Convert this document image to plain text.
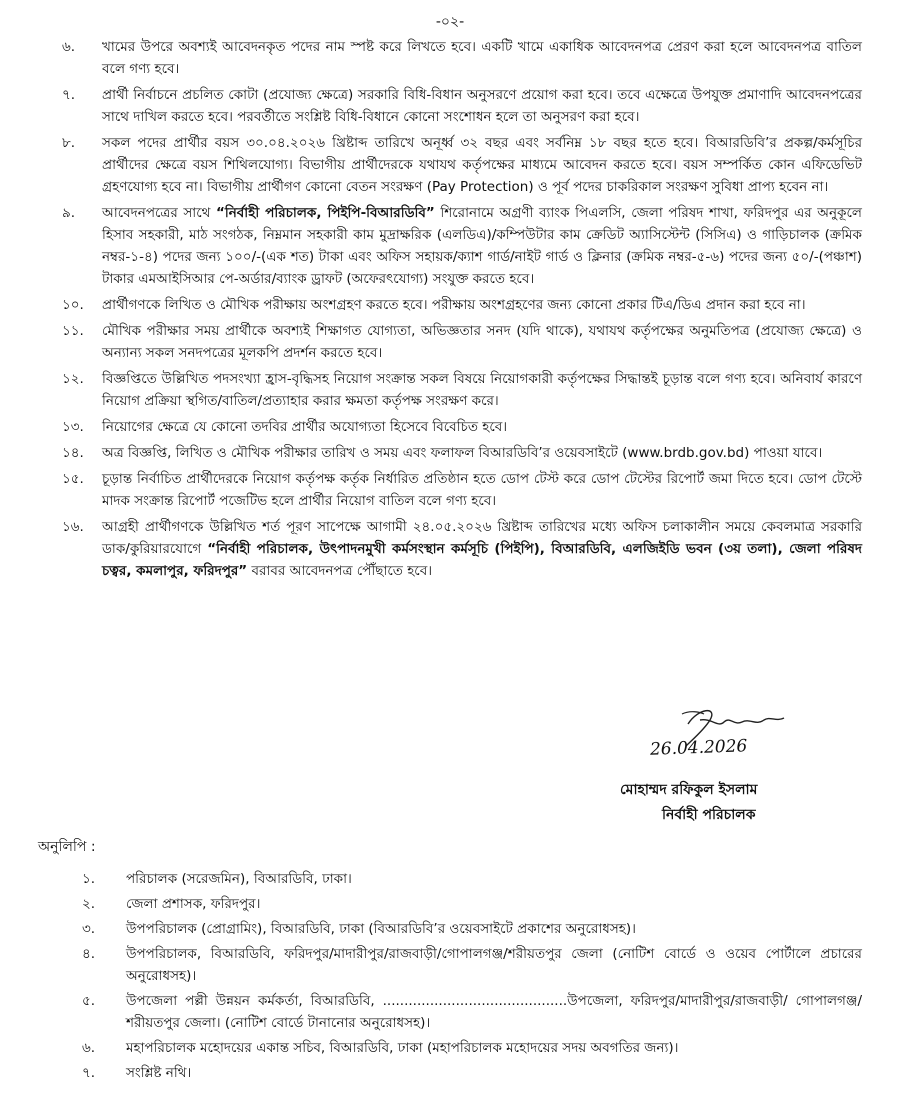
-০২-
৬.	খামের উপরে অবশ্যই আবেদনকৃত পদের নাম স্পষ্ট করে লিখতে হবে। একটি খামে একাধিক আবেদনপত্র প্রেরণ করা হলে আবেদনপত্র বাতিল বলে গণ্য হবে।
৭.	প্রার্থী নির্বাচনে প্রচলিত কোটা (প্রযোজ্য ক্ষেত্রে) সরকারি বিধি-বিধান অনুসরণে প্রয়োগ করা হবে। তবে এক্ষেত্রে উপযুক্ত প্রমাণাদি আবেদনপত্রের সাথে দাখিল করতে হবে। পরবর্তীতে সংশ্লিষ্ট বিধি-বিধানে কোনো সংশোধন হলে তা অনুসরণ করা হবে।
৮.	সকল পদের প্রার্থীর বয়স ৩০.০৪.২০২৬ খ্রিষ্টাব্দ তারিখে অনূর্ধ্ব ৩২ বছর এবং সর্বনিম্ন ১৮ বছর হতে হবে। বিআরডিবি’র প্রকল্প/কর্মসূচির প্রার্থীদের ক্ষেত্রে বয়স শিথিলযোগ্য। বিভাগীয় প্রার্থীদেরকে যথাযথ কর্তৃপক্ষের মাধ্যমে আবেদন করতে হবে। বয়স সম্পর্কিত কোন এফিডেভিট গ্রহণযোগ্য হবে না। বিভাগীয় প্রার্থীগণ কোনো বেতন সংরক্ষণ (Pay Protection) ও পূর্ব পদের চাকরিকাল সংরক্ষণ সুবিধা প্রাপ্য হবেন না।
৯.	আবেদনপত্রের সাথে “নির্বাহী পরিচালক, পিইপি-বিআরডিবি” শিরোনামে অগ্রণী ব্যাংক পিএলসি, জেলা পরিষদ শাখা, ফরিদপুর এর অনুকূলে হিসাব সহকারী, মাঠ সংগঠক, নিম্নমান সহকারী কাম মুদ্রাক্ষরিক (এলডিএ)/কম্পিউটার কাম ক্রেডিট অ্যাসিস্টেন্ট (সিসিএ) ও গাড়িচালক (ক্রমিক নম্বর-১-৪) পদের জন্য ১০০/-(এক শত) টাকা এবং অফিস সহায়ক/ক্যাশ গার্ড/নাইট গার্ড ও ক্লিনার (ক্রমিক নম্বর-৫-৬) পদের জন্য ৫০/-(পঞ্চাশ) টাকার এমআইসিআর পে-অর্ডার/ব্যাংক ড্রাফট (অফেরৎযোগ্য) সংযুক্ত করতে হবে।
১০.	প্রার্থীগণকে লিখিত ও মৌখিক পরীক্ষায় অংশগ্রহণ করতে হবে। পরীক্ষায় অংশগ্রহণের জন্য কোনো প্রকার টিএ/ডিএ প্রদান করা হবে না।
১১.	মৌখিক পরীক্ষার সময় প্রার্থীকে অবশ্যই শিক্ষাগত যোগ্যতা, অভিজ্ঞতার সনদ (যদি থাকে), যথাযথ কর্তৃপক্ষের অনুমতিপত্র (প্রযোজ্য ক্ষেত্রে) ও অন্যান্য সকল সনদপত্রের মূলকপি প্রদর্শন করতে হবে।
১২.	বিজ্ঞপ্তিতে উল্লিখিত পদসংখ্যা হ্রাস-বৃদ্ধিসহ নিয়োগ সংক্রান্ত সকল বিষয়ে নিয়োগকারী কর্তৃপক্ষের সিদ্ধান্তই চূড়ান্ত বলে গণ্য হবে। অনিবার্য কারণে নিয়োগ প্রক্রিয়া স্থগিত/বাতিল/প্রত্যাহার করার ক্ষমতা কর্তৃপক্ষ সংরক্ষণ করে।
১৩.	নিয়োগের ক্ষেত্রে যে কোনো তদবির প্রার্থীর অযোগ্যতা হিসেবে বিবেচিত হবে।
১৪.	অত্র বিজ্ঞপ্তি, লিখিত ও মৌখিক পরীক্ষার তারিখ ও সময় এবং ফলাফল বিআরডিবি’র ওয়েবসাইটে (www.brdb.gov.bd) পাওয়া যাবে।
১৫.	চূড়ান্ত নির্বাচিত প্রার্থীদেরকে নিয়োগ কর্তৃপক্ষ কর্তৃক নির্ধারিত প্রতিষ্ঠান হতে ডোপ টেস্ট করে ডোপ টেস্টের রিপোর্ট জমা দিতে হবে। ডোপ টেস্টে মাদক সংক্রান্ত রিপোর্ট পজেটিভ হলে প্রার্থীর নিয়োগ বাতিল বলে গণ্য হবে।
১৬.	আগ্রহী প্রার্থীগণকে উল্লিখিত শর্ত পূরণ সাপেক্ষে আগামী ২৪.০৫.২০২৬ খ্রিষ্টাব্দ তারিখের মধ্যে অফিস চলাকালীন সময়ে কেবলমাত্র সরকারি ডাক/কুরিয়ারযোগে “নির্বাহী পরিচালক, উৎপাদনমুখী কর্মসংস্থান কর্মসূচি (পিইপি), বিআরডিবি, এলজিইডি ভবন (৩য় তলা), জেলা পরিষদ চত্বর, কমলাপুর, ফরিদপুর” বরাবর আবেদনপত্র পৌঁছাতে হবে।
26.04.2026
মোহাম্মদ রফিকুল ইসলাম
নির্বাহী পরিচালক
অনুলিপি :
১.	পরিচালক (সরেজমিন), বিআরডিবি, ঢাকা।
২.	জেলা প্রশাসক, ফরিদপুর।
৩.	উপপরিচালক (প্রোগ্রামিং), বিআরডিবি, ঢাকা (বিআরডিবি’র ওয়েবসাইটে প্রকাশের অনুরোধসহ)।
৪.	উপপরিচালক, বিআরডিবি, ফরিদপুর/মাদারীপুর/রাজবাড়ী/গোপালগঞ্জ/শরীয়তপুর জেলা (নোটিশ বোর্ডে ও ওয়েব পোর্টালে প্রচারের অনুরোধসহ)।
৫.	উপজেলা পল্লী উন্নয়ন কর্মকর্তা, বিআরডিবি, ...........................................উপজেলা, ফরিদপুর/মাদারীপুর/রাজবাড়ী/ গোপালগঞ্জ/ শরীয়তপুর জেলা। (নোটিশ বোর্ডে টানানোর অনুরোধসহ)।
৬.	মহাপরিচালক মহোদয়ের একান্ত সচিব, বিআরডিবি, ঢাকা (মহাপরিচালক মহোদয়ের সদয় অবগতির জন্য)।
৭.	সংশ্লিষ্ট নথি।
